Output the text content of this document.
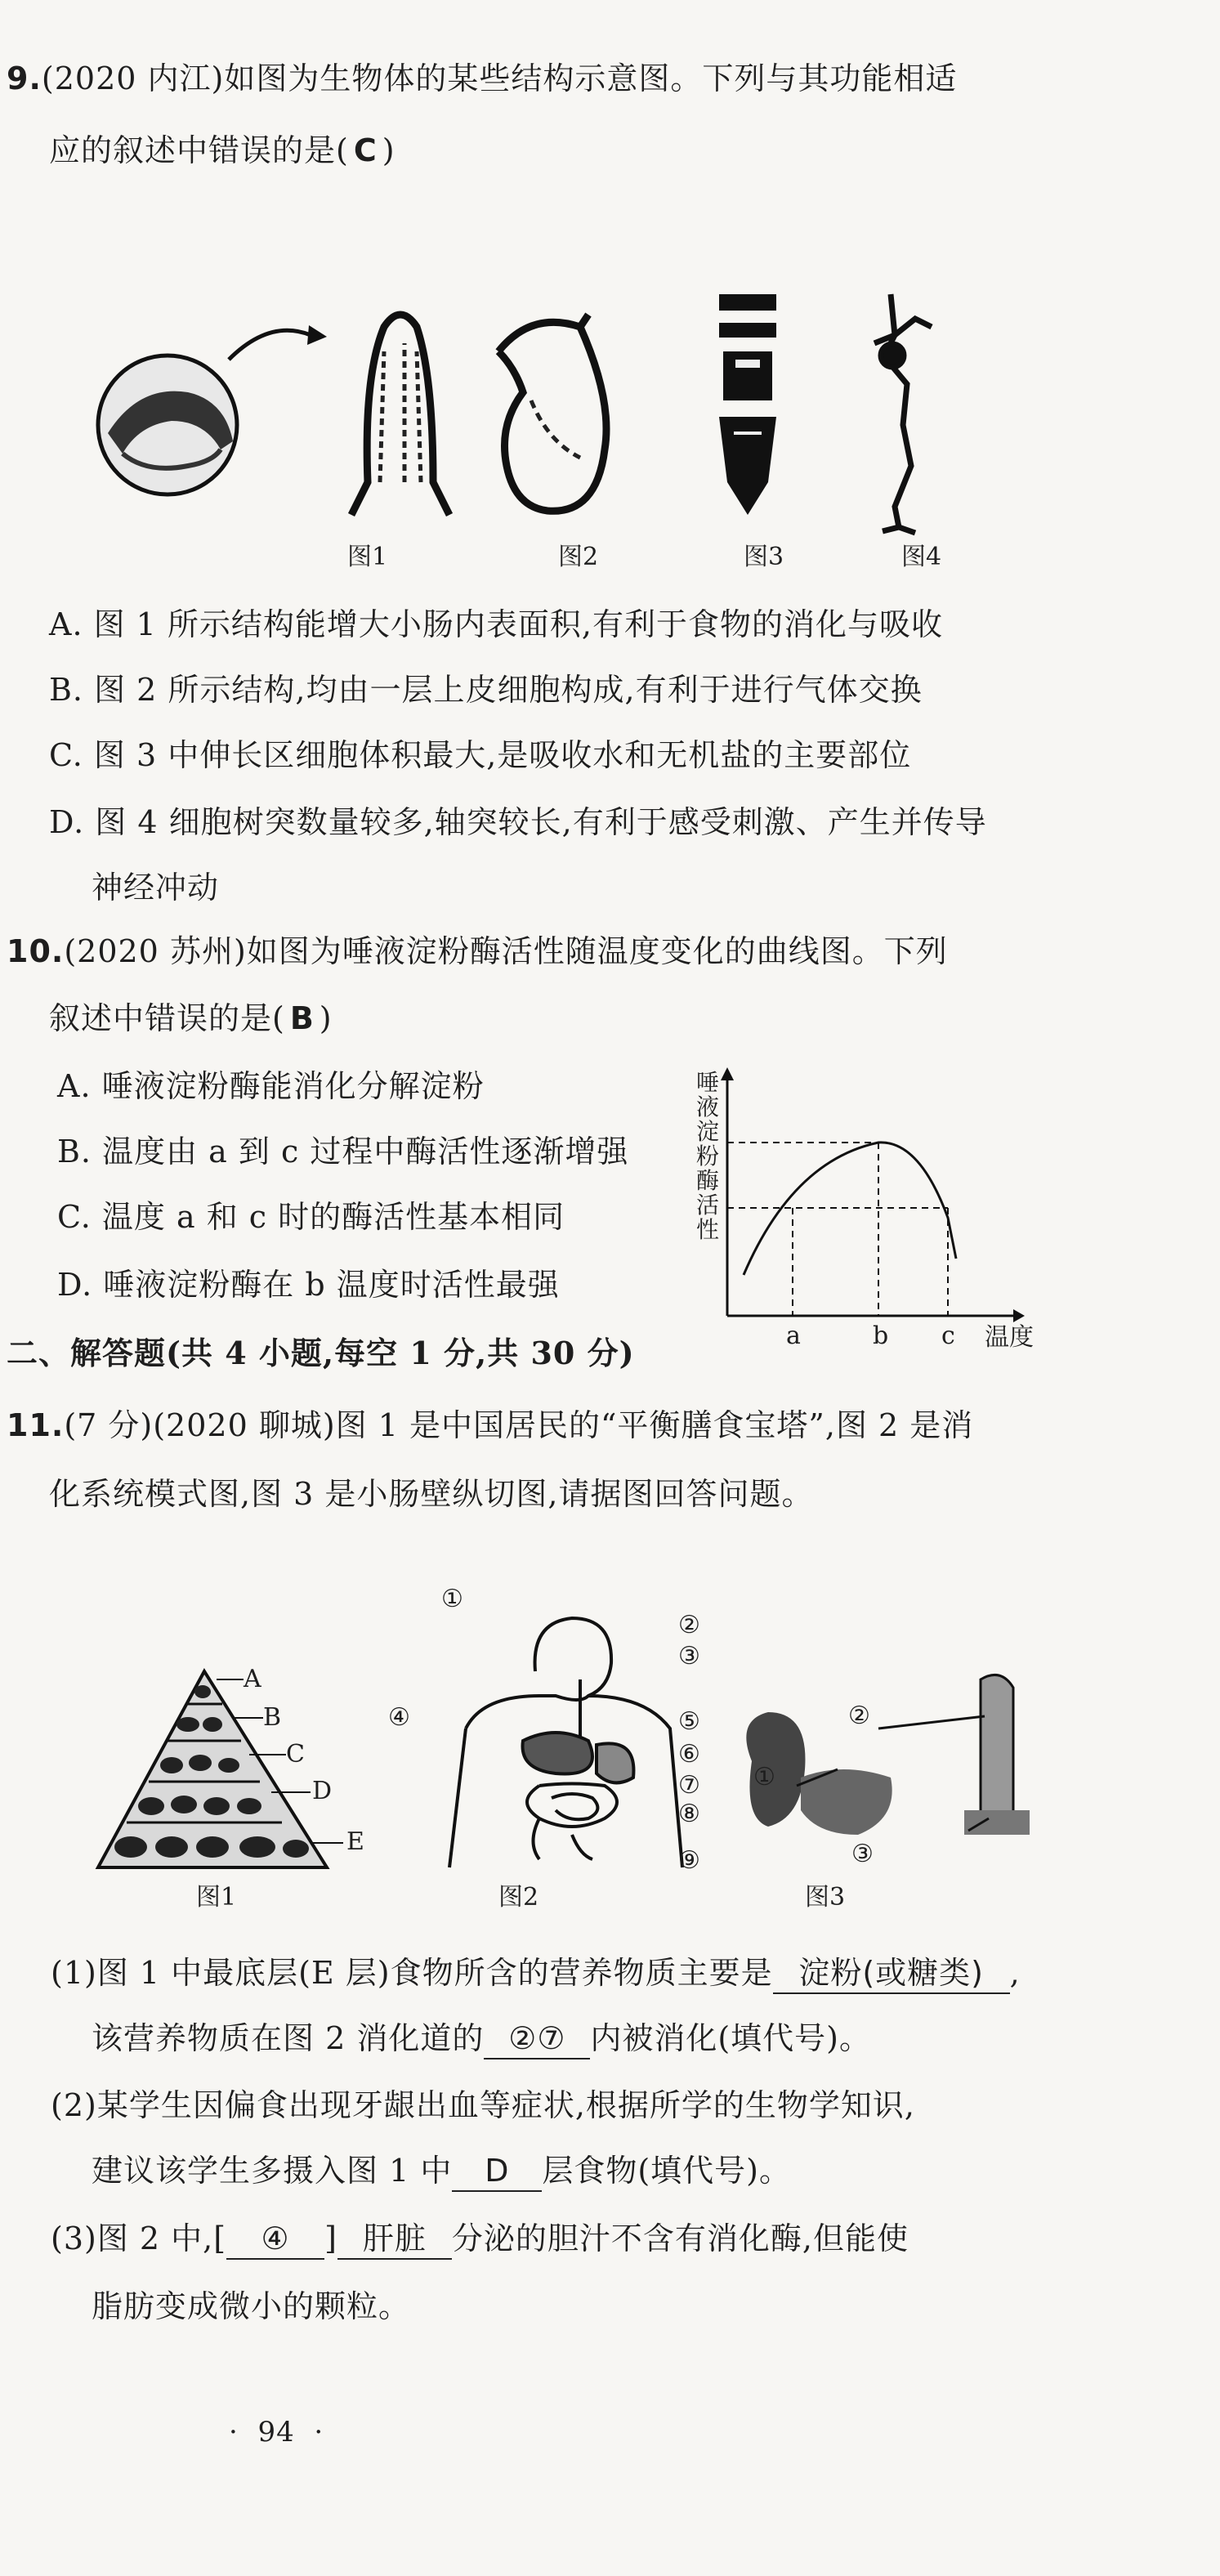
9.(2020 内江)如图为生物体的某些结构示意图。下列与其功能相适
应的叙述中错误的是( C )
图1	图2	图3	图4
A. 图 1 所示结构能增大小肠内表面积,有利于食物的消化与吸收
B. 图 2 所示结构,均由一层上皮细胞构成,有利于进行气体交换
C. 图 3 中伸长区细胞体积最大,是吸收水和无机盐的主要部位
D. 图 4 细胞树突数量较多,轴突较长,有利于感受刺激、产生并传导
神经冲动
10.(2020 苏州)如图为唾液淀粉酶活性随温度变化的曲线图。下列
叙述中错误的是( B )
A. 唾液淀粉酶能消化分解淀粉
B. 温度由 a 到 c 过程中酶活性逐渐增强
C. 温度 a 和 c 时的酶活性基本相同
D. 唾液淀粉酶在 b 温度时活性最强
唾
液
淀
粉
酶
活
性
a	b c 温度
二、解答题(共 4 小题,每空 1 分,共 30 分)
11.(7 分)(2020 聊城)图 1 是中国居民的“平衡膳食宝塔”,图 2 是消
化系统模式图,图 3 是小肠壁纵切图,请据图回答问题。
A
B
C
D
E
①
②
③
④	⑤
⑥
⑦
⑧
⑨
①
②
③
图1	图2	图3
(1)图 1 中最底层(E 层)食物所含的营养物质主要是 淀粉(或糖类) ,
该营养物质在图 2 消化道的 ②⑦ 内被消化(填代号)。
(2)某学生因偏食出现牙龈出血等症状,根据所学的生物学知识,
建议该学生多摄入图 1 中 D 层食物(填代号)。
(3)图 2 中,[ ④ ] 肝脏 分泌的胆汁不含有消化酶,但能使
脂肪变成微小的颗粒。
·  94  ·
